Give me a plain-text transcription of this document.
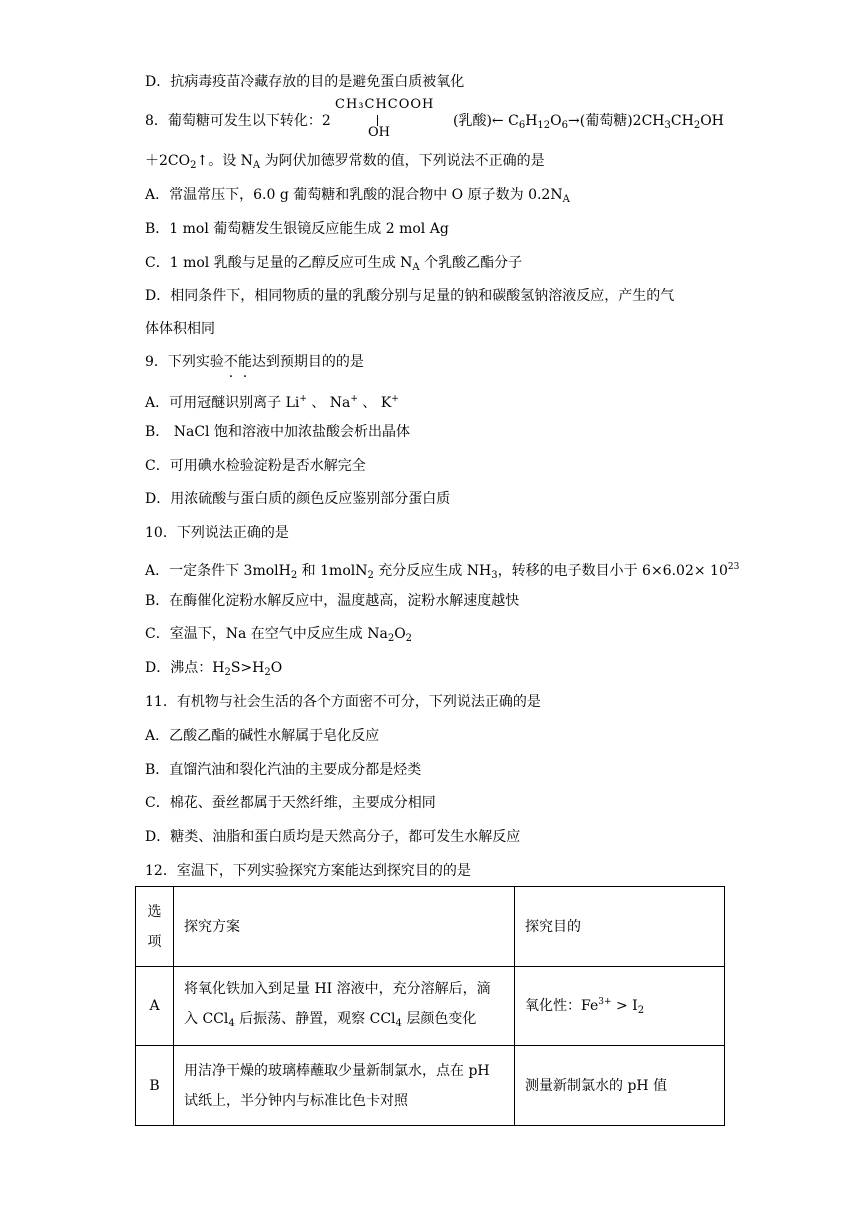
D．抗病毒疫苗冷藏存放的目的是避免蛋白质被氧化
8．葡萄糖可发生以下转化：2
CH₃CHCOOH
OH
(乳酸)← $C_6H_{12}O_6\to$(葡萄糖)$2CH_3CH_2OH$
$+2CO_2↑$。设 $N_A$ 为阿伏加德罗常数的值，下列说法不正确的是
A．常温常压下，6.0 g 葡萄糖和乳酸的混合物中 O 原子数为 $0.2N_A$
B．1 mol 葡萄糖发生银镜反应能生成 2 mol Ag
C．1 mol 乳酸与足量的乙醇反应可生成 $N_A$ 个乳酸乙酯分子
D．相同条件下，相同物质的量的乳酸分别与足量的钠和碳酸氢钠溶液反应，产生的气
体体积相同
9．下列实验不能达到预期目的的是
A．可用冠醚识别离子 Li+ 、 Na+ 、 K+
B． NaCl 饱和溶液中加浓盐酸会析出晶体
C．可用碘水检验淀粉是否水解完全
D．用浓硫酸与蛋白质的颜色反应鉴别部分蛋白质
10．下列说法正确的是
A．一定条件下 3molH$_2$ 和 1molN$_2$ 充分反应生成 $NH_3$，转移的电子数目小于 $6\times 6.02\times 10^{23}$
B．在酶催化淀粉水解反应中，温度越高，淀粉水解速度越快
C．室温下，Na 在空气中反应生成 $Na_2O_2$
D．沸点：$H_2S>H_2O$
11．有机物与社会生活的各个方面密不可分，下列说法正确的是
A．乙酸乙酯的碱性水解属于皂化反应
B．直馏汽油和裂化汽油的主要成分都是烃类
C．棉花、蚕丝都属于天然纤维，主要成分相同
D．糖类、油脂和蛋白质均是天然高分子，都可发生水解反应
12．室温下，下列实验探究方案能达到探究目的的是
选
项	探究方案	探究目的
A	将氧化铁加入到足量 HI 溶液中，充分溶解后，滴
入 CCl$_4$ 后振荡、静置，观察 CCl$_4$ 层颜色变化	氧化性：$Fe^{3+} > I_2$
B	用洁净干燥的玻璃棒蘸取少量新制氯水，点在 pH
试纸上，半分钟内与标准比色卡对照	测量新制氯水的 pH 值
